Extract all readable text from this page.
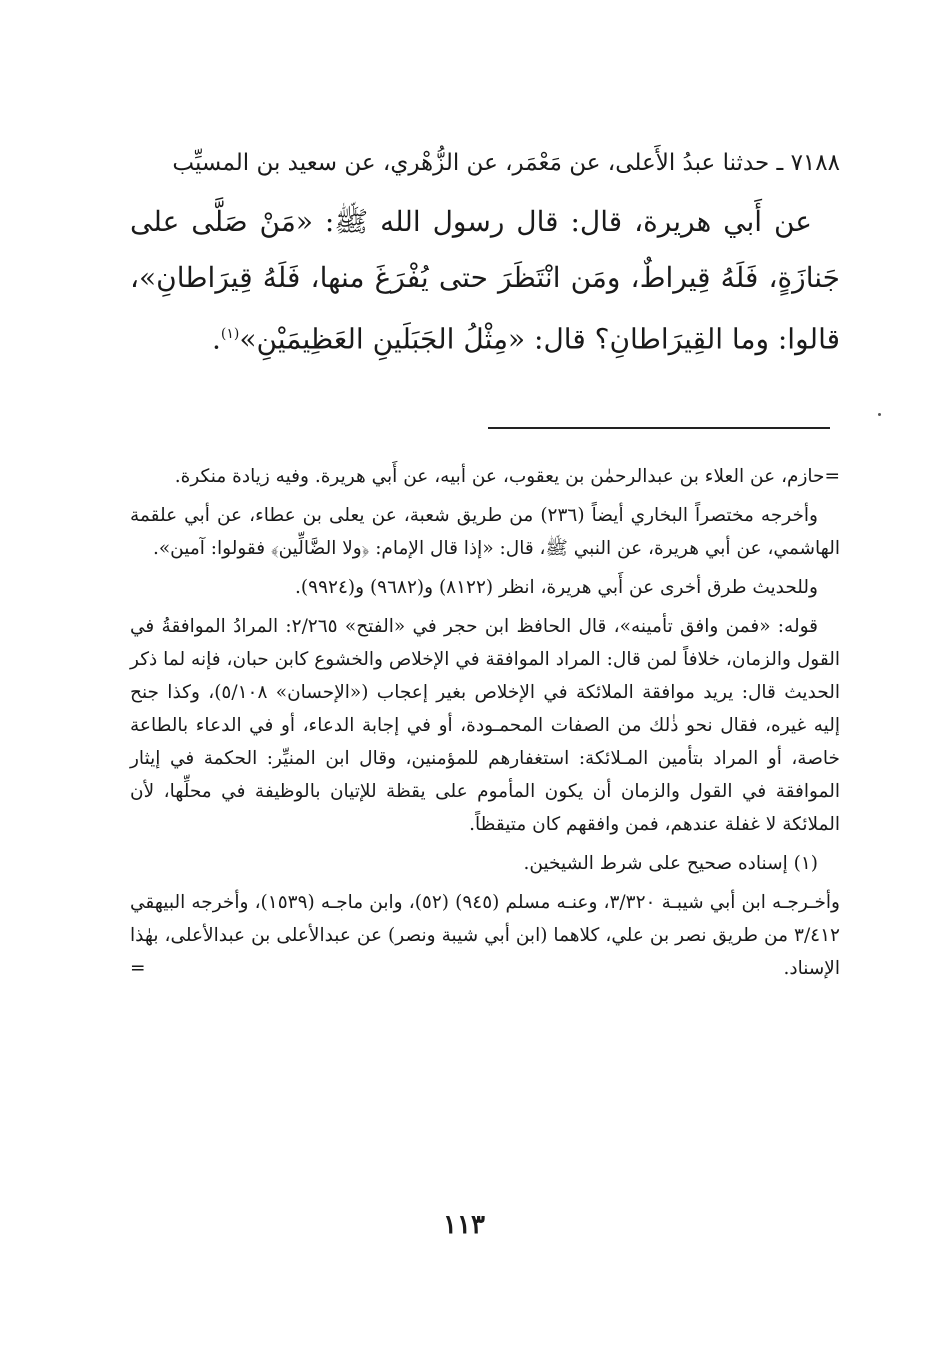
٧١٨٨ ـ حدثنا عبدُ الأَعلى، عن مَعْمَر، عن الزُّهْري، عن سعيد بن المسيِّب

عن أَبي هريرة، قال: قال رسول الله ﷺ: «مَنْ صَلَّى على جَنازَةٍ، فَلَهُ قِيراطٌ، ومَن انْتَظَرَ حتى يُفْرَغَ منها، فَلَهُ قِيرَاطانِ»، قالوا: وما القِيرَاطانِ؟ قال: «مِثْلُ الجَبَلَينِ العَظِيمَيْنِ»$^{(١)}$.

=حازم، عن العلاء بن عبدالرحمٰن بن يعقوب، عن أبيه، عن أَبي هريرة. وفيه زيادة منكرة.

وأخرجه مختصراً البخاري أيضاً (٢٣٦) من طريق شعبة، عن يعلى بن عطاء، عن أبي علقمة الهاشمي، عن أبي هريرة، عن النبي ﷺ، قال: «إذا قال الإمام: ﴿ولا الضَّالِّين﴾ فقولوا: آمين».

وللحديث طرق أخرى عن أَبي هريرة، انظر (٨١٢٢) و(٩٦٨٢) و(٩٩٢٤).

قوله: «فمن وافق تأمينه»، قال الحافظ ابن حجر في «الفتح» ٢/٢٦٥: المرادُ الموافقةُ في القول والزمان، خلافاً لمن قال: المراد الموافقة في الإخلاص والخشوع كابن حبان، فإنه لما ذكر الحديث قال: يريد موافقة الملائكة في الإخلاص بغير إعجاب («الإحسان» ٥/١٠٨)، وكذا جنح إليه غيره، فقال نحو ذٰلك من الصفات المحمـودة، أو في إجابة الدعاء، أو في الدعاء بالطاعة خاصة، أو المراد بتأمين المـلائكة: استغفارهم للمؤمنين، وقال ابن المنيِّر: الحكمة في إيثار الموافقة في القول والزمان أن يكون المأموم على يقظة للإتيان بالوظيفة في محلِّها، لأن الملائكة لا غفلة عندهم، فمن وافقهم كان متيقظاً.

(١) إسناده صحيح على شرط الشيخين.

وأخـرجـه ابن أبي شيبـة ٣/٣٢٠، وعنـه مسلم (٩٤٥) (٥٢)، وابن ماجـه (١٥٣٩)، وأخرجه البيهقي ٣/٤١٢ من طريق نصر بن علي، كلاهما (ابن أبي شيبة ونصر) عن عبدالأعلى بن عبدالأعلى، بهٰذا الإسناد.
=

١١٣
